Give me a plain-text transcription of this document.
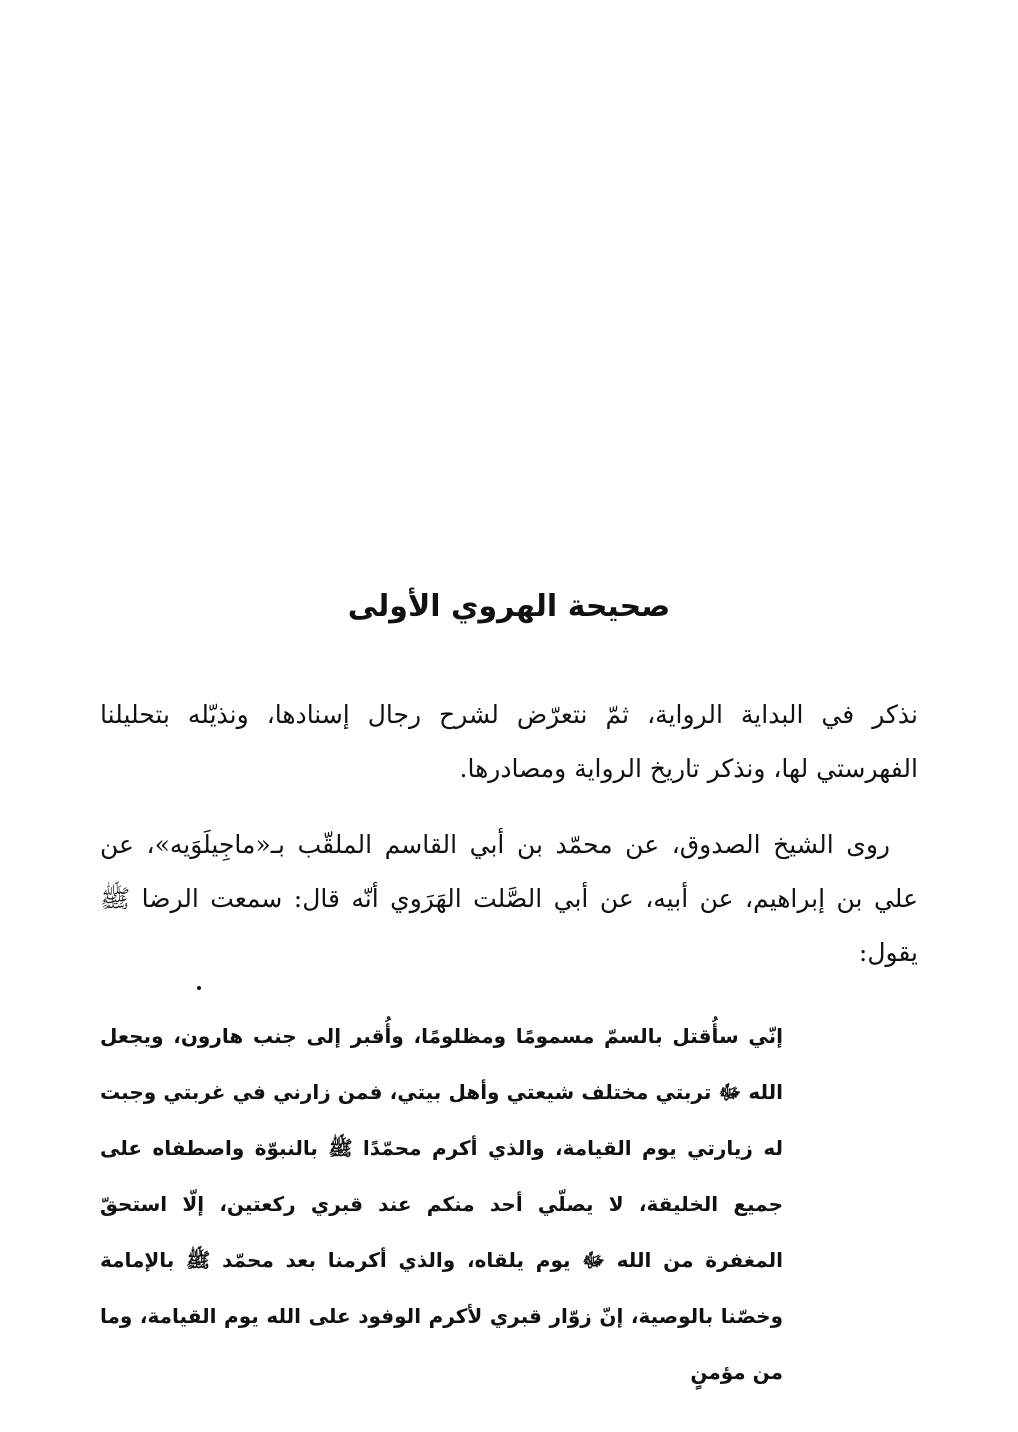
صحيحة الهروي الأولى

نذكر في البداية الرواية، ثمّ نتعرّض لشرح رجال إسنادها، ونذيّله بتحليلنا الفهرستي لها، ونذكر تاريخ الرواية ومصادرها.

روى الشيخ الصدوق، عن محمّد بن أبي القاسم الملقّب بـ«ماجِيلَوَيه»، عن علي بن إبراهيم، عن أبيه، عن أبي الصَّلت الهَرَوي أنّه قال: سمعت الرضا ﷺ يقول:

إنّي سأُقتل بالسمّ مسمومًا ومظلومًا، وأُقبر إلى جنب هارون، ويجعل الله ﷻ تربتي مختلف شيعتي وأهل بيتي، فمن زارني في غربتي وجبت له زيارتي يوم القيامة، والذي أكرم محمّدًا ﷺ بالنبوّة واصطفاه على جميع الخليقة، لا يصلّي أحد منكم عند قبري ركعتين، إلّا استحقّ المغفرة من الله ﷻ يوم يلقاه، والذي أكرمنا بعد محمّد ﷺ بالإمامة وخصّنا بالوصية، إنّ زوّار قبري لأكرم الوفود على الله يوم القيامة، وما من مؤمنٍ
